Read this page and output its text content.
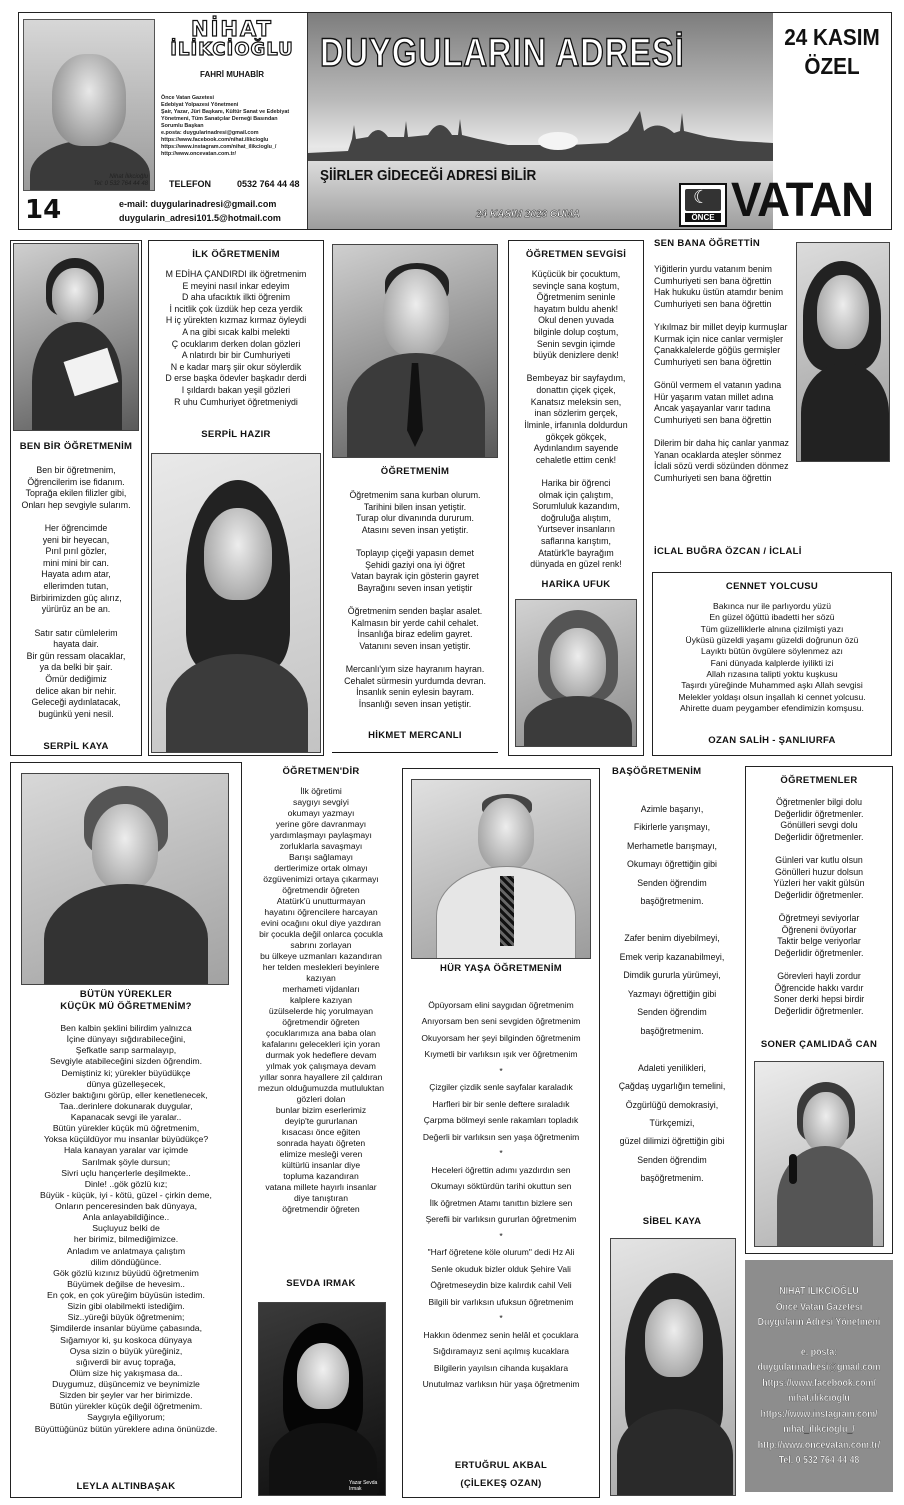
Nihat İlikcioğlu
Tel: 0 532 764 44 48
NİHAT
İLİKCİOĞLU
FAHRİ MUHABİR
Önce Vatan Gazetesi
Edebiyat Yolpazesi Yönetmeni
Şair, Yazar, Jüri Başkanı, Kültür Sanat ve Edebiyat
Yönetmeni, Tüm Sanatçılar Derneği Basından
Sorumlu Başkan
e.posta: duygularinadresi@gmail.com
https://www.facebook.com/nihat.ilikcioglu
https://www.instagram.com/nihat_ilikcioglu_/
http://www.oncevatan.com.tr/
TELEFON	0532 764 44 48
14	e-mail: duygularinadresi@gmail.com
duygularin_adresi101.5@hotmail.com
DUYGULARIN ADRESİ
ŞİİRLER GİDECEĞİ ADRESİ BİLİR
24 KASIM 2023 CUMA
24 KASIM
ÖZEL
☾
ÖNCE VATAN
BEN BİR ÖĞRETMENİM
Ben bir öğretmenim,
Öğrencilerim ise fidanım.
Toprağa ekilen filizler gibi,
Onları hep sevgiyle sularım.

Her öğrencimde
yeni bir heyecan,
Pırıl pırıl gözler,
mini mini bir can.
Hayata adım atar,
ellerimden tutan,
Birbirimizden güç alırız,
yürürüz an be an.

Satır satır cümlelerim
hayata dair.
Bir gün ressam olacaklar,
ya da belki bir şair.
Ömür dediğimiz
delice akan bir nehir.
Geleceği aydınlatacak,
bugünkü yeni nesil.
SERPİL KAYA
İLK ÖĞRETMENİM
M EDİHA ÇANDIRDI ilk öğretmenim
E meyini nasıl inkar edeyim
D aha ufacıktık ilkti öğrenim
İ ncitlik çok üzdük hep ceza yerdik
H iç yürekten kızmaz kırmaz öyleydi
A na gibi sıcak kalbi melekti
Ç ocuklarım derken dolan gözleri
A nlatırdı bir bir Cumhuriyeti
N e kadar marş şiir okur söylerdik
D erse başka ödevler başkadır derdi
I şıldardı bakan yeşil gözleri
R uhu Cumhuriyet öğretmeniydi
SERPİL HAZIR
ÖĞRETMENİM
Öğretmenim sana kurban olurum.
Tarihini bilen insan yetiştir.
Turap olur divanında dururum.
Atasını seven insan yetiştir.

Toplayıp çiçeği yapasın demet
Şehidi gaziyi ona iyi öğret
Vatan bayrak için gösterin gayret
Bayrağını seven insan yetiştir

Öğretmenim senden başlar asalet.
Kalmasın bir yerde cahil cehalet.
İnsanlığa biraz edelim gayret.
Vatanını seven insan yetiştir.

Mercanlı'yım size hayranım hayran.
Cehalet sürmesin yurdumda devran.
İnsanlık senin eylesin bayram.
İnsanlığı seven insan yetiştir.
HİKMET MERCANLI
ÖĞRETMEN SEVGİSİ
Küçücük bir çocuktum,
sevinçle sana koştum,
Öğretmenim seninle
hayatım buldu ahenk!
Okul denen yuvada
bilginle dolup coştum,
Senin sevgin içimde
büyük denizlere denk!

Bembeyaz bir sayfaydım,
donattın çiçek çiçek,
Kanatsız meleksin sen,
inan sözlerim gerçek,
İlminle, irfanınla doldurdun
gökçek gökçek,
Aydınlandım sayende
cehaletle ettim cenk!

Harika bir öğrenci
olmak için çalıştım,
Sorumluluk kazandım,
doğruluğa alıştım,
Yurtsever insanların
saflarına karıştım,
Atatürk'le bayrağım
dünyada en güzel renk!
HARİKA UFUK
SEN BANA ÖĞRETTİN
Yiğitlerin yurdu vatanım benim
Cumhuriyeti sen bana öğrettin
Hak hukuku üstün atamdır benim
Cumhuriyeti sen bana öğrettin

Yıkılmaz bir millet deyip kurmuşlar
Kurmak için nice canlar vermişler
Çanakkalelerde göğüs germişler
Cumhuriyeti sen bana öğrettin

Gönül vermem el vatanın yadına
Hür yaşarım vatan millet adına
Ancak yaşayanlar varır tadına
Cumhuriyeti sen bana öğrettin

Dilerim bir daha hiç canlar yanmaz
Yanan ocaklarda ateşler sönmez
İclali sözü verdi sözünden dönmez
Cumhuriyeti sen bana öğrettin
İCLAL BUĞRA ÖZCAN / İCLALİ
CENNET YOLCUSU
Bakınca nur ile parlıyordu yüzü
En güzel öğüttü ibadetti her sözü
Tüm güzelliklerle alnına çizilmişti yazı
Üyküsü güzeldi yaşamı güzeldi doğrunun özü
Layıktı bütün övgülere söylenmez azı
Fani dünyada kalplerde iyilikti izi
Allah rızasına talipti yoktu kuşkusu
Taşırdı yüreğinde Muhammed aşkı Allah sevgisi
Melekler yoldaşı olsun inşallah ki cennet yolcusu.
Ahirette duam peygamber efendimizin komşusu.
OZAN SALİH - ŞANLIURFA
BÜTÜN YÜREKLER
KÜÇÜK MÜ ÖĞRETMENİM?
Ben kalbin şeklini bilirdim yalnızca
İçine dünyayı sığdırabileceğini,
Şefkatle sarıp sarmalayıp,
Sevgiyle atabileceğini sizden öğrendim.
Demiştiniz ki; yürekler büyüdükçe
dünya güzelleşecek,
Gözler baktığını görüp, eller kenetlenecek,
Taa..derinlere dokunarak duygular,
Kapanacak sevgi ile yaralar..
Bütün yürekler küçük mü öğretmenim,
Yoksa küçüldüyor mu insanlar büyüdükçe?
Hala kanayan yaralar var içimde
Sarılmak şöyle dursun;
Sivri uçlu hançerlerle deşilmekte..
Dinle! ..gök gözlü kız;
Büyük - küçük, iyi - kötü, güzel - çirkin deme,
Onların penceresinden bak dünyaya,
Anla anlayabildiğince..
Suçluyuz belki de
her birimiz, bilmediğimizce.
Anladım ve anlatmaya çalıştım
dilim döndüğünce.
Gök gözlü kızınız büyüdü öğretmenim
Büyümek değilse de hevesim..
En çok, en çok yüreğim büyüsün istedim.
Sizin gibi olabilmekti istediğim.
Siz..yüreği büyük öğretmenim;
Şimdilerde insanlar büyüme çabasında,
Sığamıyor ki, şu koskoca dünyaya
Oysa sizin o büyük yüreğiniz,
sığıverdi bir avuç toprağa,
Ölüm size hiç yakışmasa da..
Duygumuz, düşüncemiz ve beynimizle
Sizden bir şeyler var her birimizde.
Bütün yürekler küçük değil öğretmenim.
Saygıyla eğiliyorum;
Büyüttüğünüz bütün yüreklere adına önünüzde.
LEYLA ALTINBAŞAK
ÖĞRETMEN'DİR
İlk öğretimi
saygıyı sevgiyi
okumayı yazmayı
yerine göre davranmayı
yardımlaşmayı paylaşmayı
zorluklarla savaşmayı
Barışı sağlamayı
dertlerimize ortak olmayı
özgüvenimizi ortaya çıkarmayı
öğretmendir öğreten
Atatürk'ü unutturmayan
hayatını öğrencilere harcayan
evini ocağını okul diye yazdıran
bir çocukla değil onlarca çocukla
sabrını zorlayan
bu ülkeye uzmanları kazandıran
her telden meslekleri beyinlere
kazıyan
merhameti vijdanları
kalplere kazıyan
üzülselerde hiç yorulmayan
öğretmendir öğreten
çocuklarımıza ana baba olan
kafalarını gelecekleri için yoran
durmak yok hedeflere devam
yılmak yok çalışmaya devam
yıllar sonra hayallere zil çaldıran
mezun olduğumuzda mutluluktan
gözleri dolan
bunlar bizim eserlerimiz
deyip'te gururlanan
kısacası önce eğiten
sonrada hayatı öğreten
elimize mesleği veren
kültürlü insanlar diye
topluma kazandıran
vatana millete hayırlı insanlar
diye tanıştıran
öğretmendir öğreten
SEVDA IRMAK
Yazar Sevda
Irmak
HÜR YAŞA ÖĞRETMENİM
Öpüyorsam elini saygıdan öğretmenim
Anıyorsam ben seni sevgiden öğretmenim
Okuyorsam her şeyi bilginden öğretmenim
Kıymetli bir varlıksın ışık ver öğretmenim
*
Çizgiler çizdik senle sayfalar karaladık
Harfleri bir bir senle deftere sıraladık
Çarpma bölmeyi senle rakamları topladık
Değerli bir varlıksın sen yaşa öğretmenim
*
Heceleri öğrettin adımı yazdırdın sen
Okumayı söktürdün tarihi okuttun sen
İlk öğretmen Atamı tanıttın bizlere sen
Şerefli bir varlıksın gururlan öğretmenim
*
"Harf öğretene köle olurum" dedi Hz Ali
Senle okuduk bizler olduk Şehire Vali
Öğretmeseydin bize kalırdık cahil Veli
Bilgili bir varlıksın ufuksun öğretmenim
*
Hakkın ödenmez senin helâl et çocuklara
Sığdıramayız seni açılmış kucaklara
Bilgilerin yayılsın cihanda kuşaklara
Unutulmaz varlıksın hür yaşa öğretmenim
ERTUĞRUL AKBAL
(ÇİLEKEŞ OZAN)
BAŞÖĞRETMENİM
Azimle başarıyı,
Fikirlerle yarışmayı,
Merhametle barışmayı,
Okumayı öğrettiğin gibi
Senden öğrendim
başöğretmenim.

Zafer benim diyebilmeyi,
Emek verip kazanabilmeyi,
Dimdik gururla yürümeyi,
Yazmayı öğrettiğin gibi
Senden öğrendim
başöğretmenim.

Adaleti yenilikleri,
Çağdaş uygarlığın temelini,
Özgürlüğü demokrasiyi,
Türkçemizi,
güzel dilimizi öğrettiğin gibi
Senden öğrendim
başöğretmenim.
SİBEL KAYA
ÖĞRETMENLER
Öğretmenler bilgi dolu
Değerlidir öğretmenler.
Gönülleri sevgi dolu
Değerlidir öğretmenler.

Günleri var kutlu olsun
Gönülleri huzur dolsun
Yüzleri her vakit gülsün
Değerlidir öğretmenler.

Öğretmeyi seviyorlar
Öğreneni övüyorlar
Taktir belge veriyorlar
Değerlidir öğretmenler.

Görevleri hayli zordur
Öğrencide hakkı vardır
Soner derki hepsi birdir
Değerlidir öğretmenler.
SONER ÇAMLIDAĞ CAN
NİHAT İLİKCİOĞLU
Önce Vatan Gazetesi
Duyguların Adresi Yönetmeni
e. posta:
duygularinadresi@gmail.com
https://www.facebook.com/
nihat.ilikcioglu
https://www.instagram.com/
nihat_ilikcioglu_/
http://www.oncevatan.com.tr/
Tel. 0 532 764 44 48
